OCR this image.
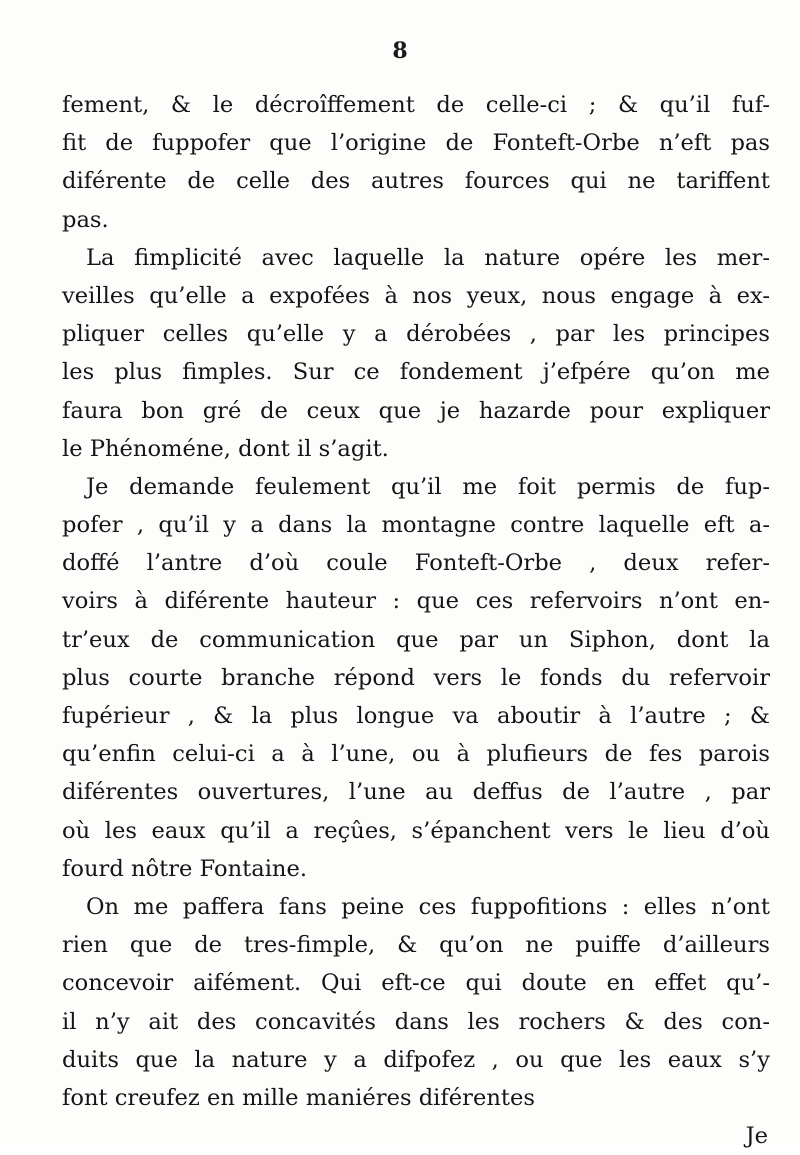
8
fement, & le décroîffement de celle-ci ; & qu’il fuf-
fit de fuppofer que l’origine de Fonteft-Orbe n’eft pas
diférente de celle des autres fources qui ne tariffent
pas.
La fimplicité avec laquelle la nature opére les mer-
veilles qu’elle a expofées à nos yeux, nous engage à ex-
pliquer celles qu’elle y a dérobées , par les principes
les plus fimples. Sur ce fondement j’efpére qu’on me
faura bon gré de ceux que je hazarde pour expliquer
le Phénoméne, dont il s’agit.
Je demande feulement qu’il me foit permis de fup-
pofer , qu’il y a dans la montagne contre laquelle eft a-
doffé l’antre d’où coule Fonteft-Orbe , deux refer-
voirs à diférente hauteur : que ces refervoirs n’ont en-
tr’eux de communication que par un Siphon, dont la
plus courte branche répond vers le fonds du refervoir
fupérieur , & la plus longue va aboutir à l’autre ; &
qu’enfin celui-ci a à l’une, ou à plufieurs de fes parois
diférentes ouvertures, l’une au deffus de l’autre , par
où les eaux qu’il a reçûes, s’épanchent vers le lieu d’où
fourd nôtre Fontaine.
On me paffera fans peine ces fuppofitions : elles n’ont
rien que de tres-fimple, & qu’on ne puiffe d’ailleurs
concevoir aifément. Qui eft-ce qui doute en effet qu’-
il n’y ait des concavités dans les rochers & des con-
duits que la nature y a difpofez , ou que les eaux s’y
font creufez en mille maniéres diférentes
Je
